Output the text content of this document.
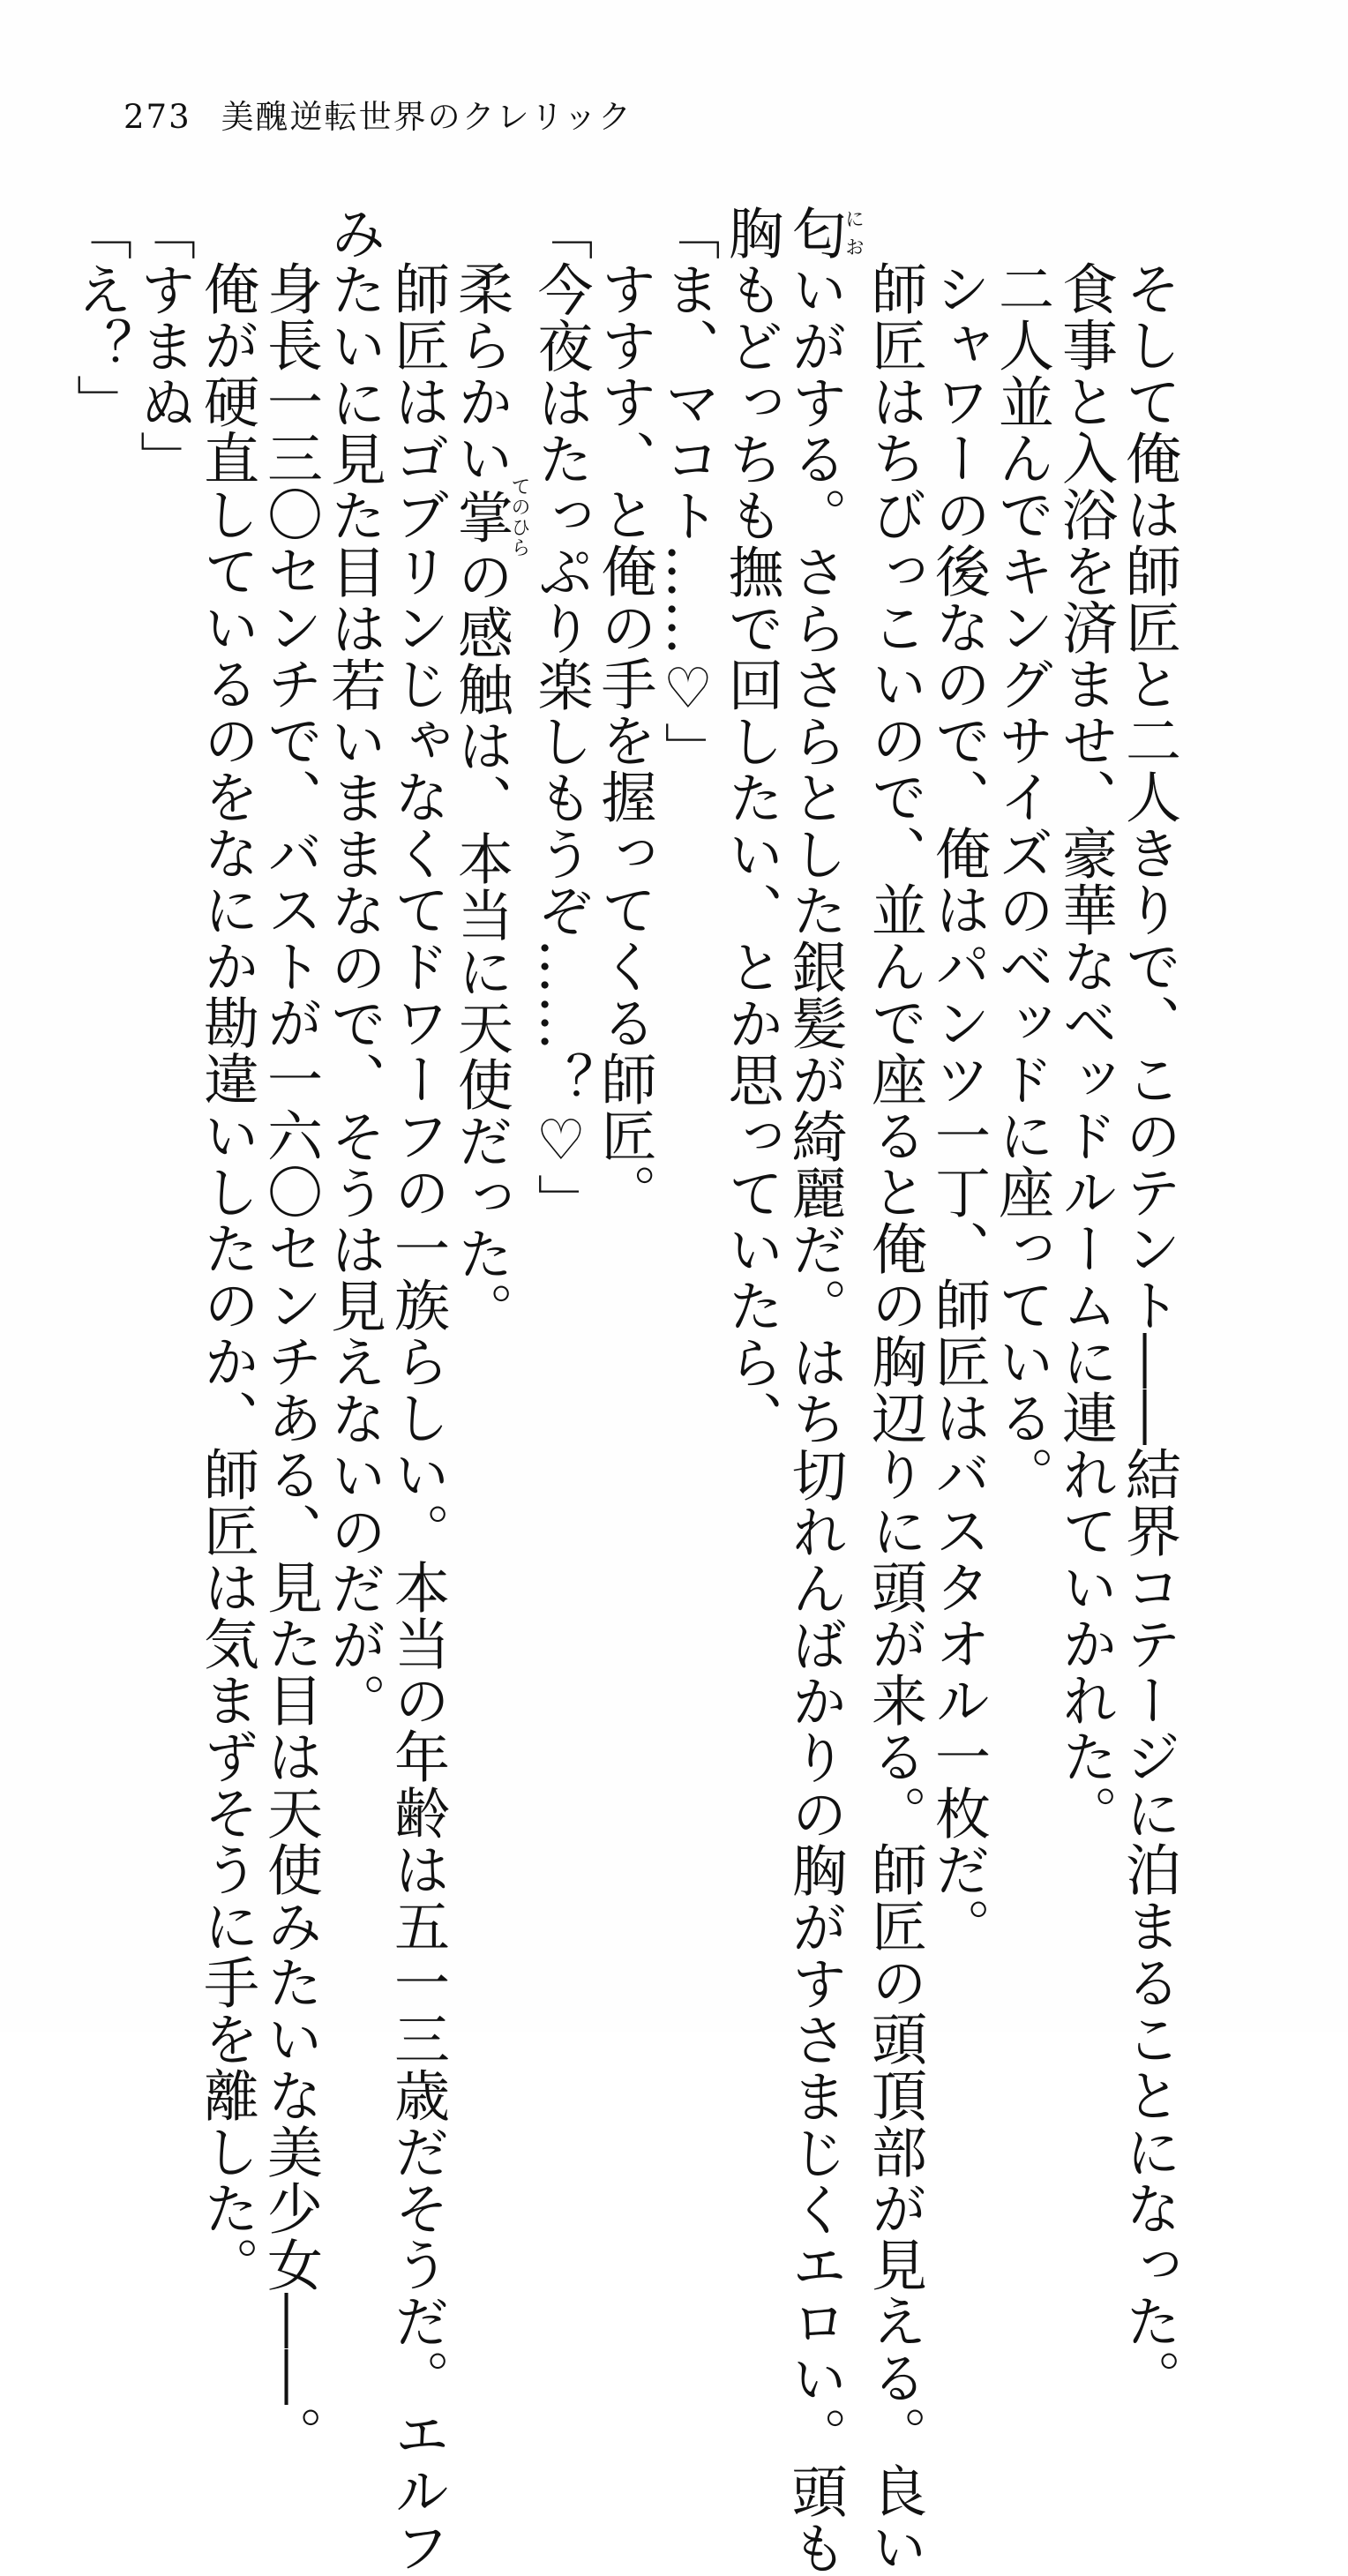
273 美醜逆転世界のクレリック

そして俺は師匠と二人きりで、このテント――結界コテージに泊まることになった。

食事と入浴を済ませ、豪華なベッドルームに連れていかれた。

二人並んでキングサイズのベッドに座っている。

シャワーの後なので、俺はパンツ一丁、師匠はバスタオル一枚だ。

師匠はちびっこいので、並んで座ると俺の胸辺りに頭が来る。師匠の頭頂部が見える。良い

匂においがする。さらさらとした銀髪が綺麗だ。はち切れんばかりの胸がすさまじくエロい。頭も

胸もどっちも撫で回したい、とか思っていたら、

「ま、マコト……♡」

すすす、と俺の手を握ってくる師匠。

「今夜はたっぷり楽しもうぞ……？♡」

柔らかい掌てのひらの感触は、本当に天使だった。

師匠はゴブリンじゃなくてドワーフの一族らしい。本当の年齢は五一三歳だそうだ。エルフ

みたいに見た目は若いままなので、そうは見えないのだが。

身長一三〇センチで、バストが一六〇センチある、見た目は天使みたいな美少女――。

俺が硬直しているのをなにか勘違いしたのか、師匠は気まずそうに手を離した。

「すまぬ」

「え？」
